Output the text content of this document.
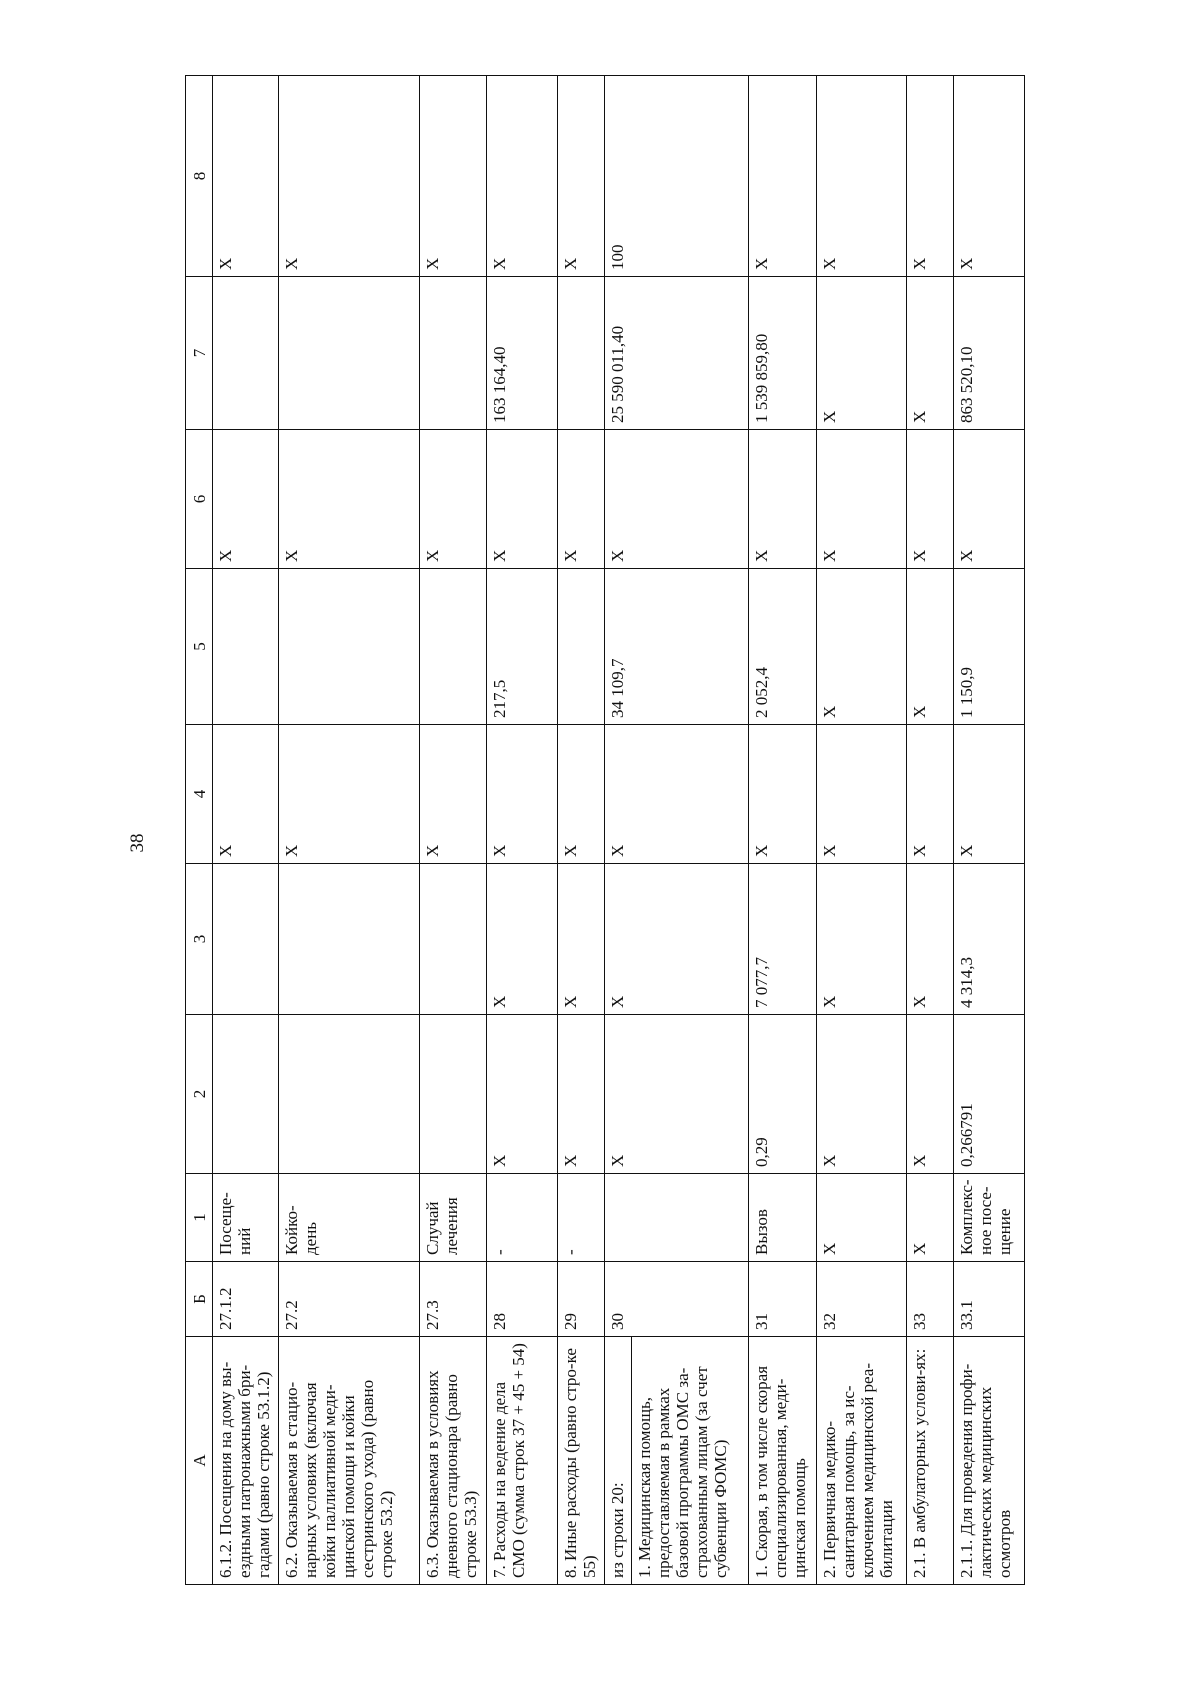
38
А	Б	1	2	3	4	5	6	7	8
6.1.2. Посещения на дому вы-ездными патронажными бри-гадами (равно строке 53.1.2)	27.1.2	Посеще-ний			Х		Х		Х
6.2. Оказываемая в стацио-нарных условиях (включая койки паллиативной меди-цинской помощи и койки сестринского ухода) (равно строке 53.2)	27.2	Койко-день			Х		Х		Х
6.3. Оказываемая в условиях дневного стационара (равно строке 53.3)	27.3	Случай лечения			Х		Х		Х
7. Расходы на ведение дела СМО (сумма строк 37 + 45 + 54)	28	-	Х	Х	Х	217,5	Х	163 164,40	Х
8. Иные расходы (равно стро-ке 55)	29	-	Х	Х	Х		Х		Х
из строки 20:	30		Х	Х	Х	34 109,7	Х	25 590 011,40	100
1. Медицинская помощь, предоставляемая в рамках базовой программы ОМС за-страхованным лицам (за счет субвенции ФОМС)									
1. Скорая, в том числе скорая специализированная, меди-цинская помощь	31	Вызов	0,29	7 077,7	Х	2 052,4	Х	1 539 859,80	Х
2. Первичная медико-санитарная помощь, за ис-ключением медицинской реа-билитации	32	Х	Х	Х	Х	Х	Х	Х	Х
2.1. В амбулаторных услови-ях:	33	Х	Х	Х	Х	Х	Х	Х	Х
2.1.1. Для проведения профи-лактических медицинских осмотров	33.1	Комплекс-ное посе-щение	0,266791	4 314,3	Х	1 150,9	Х	863 520,10	Х
